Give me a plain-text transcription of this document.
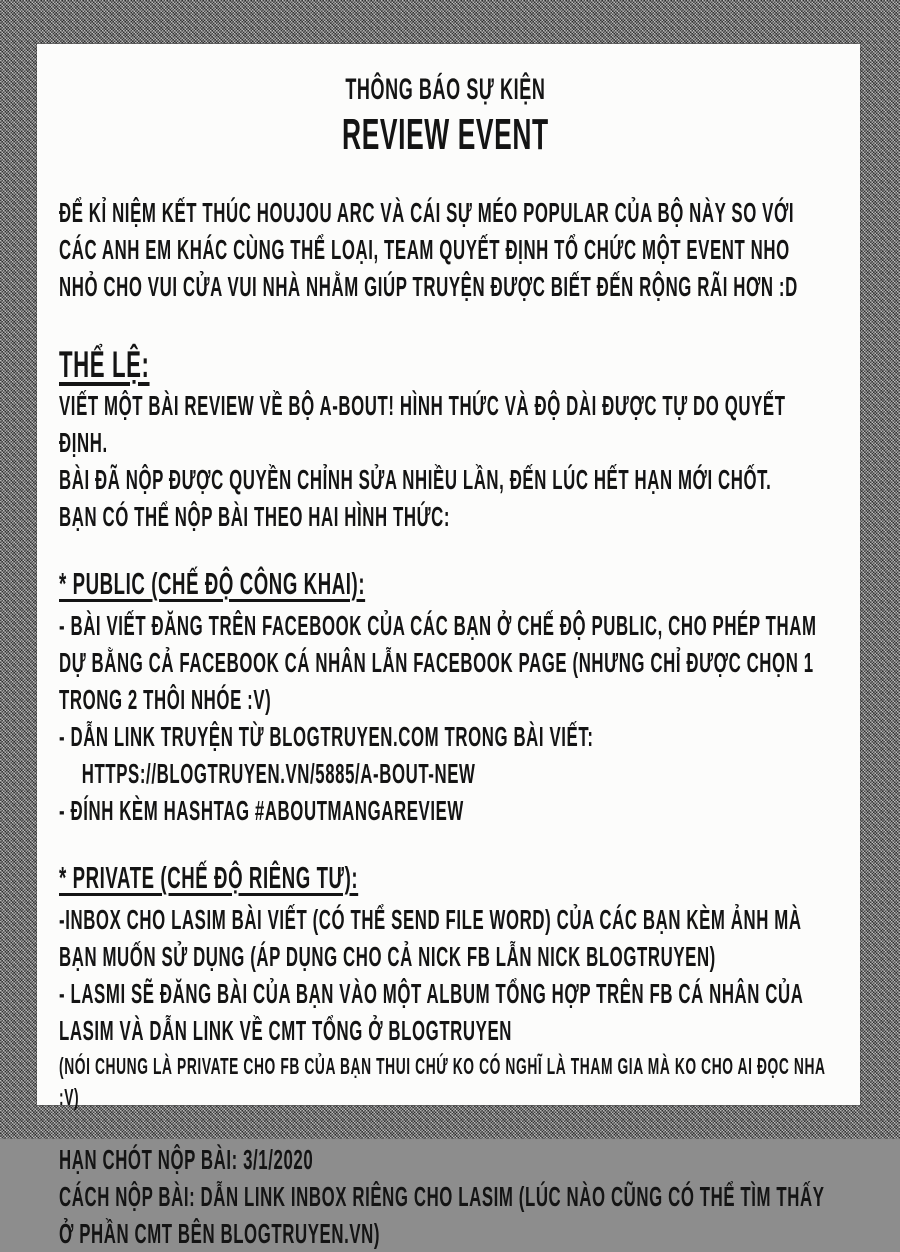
THÔNG BÁO SỰ KIỆN
REVIEW EVENT

ĐỂ KỈ NIỆM KẾT THÚC HOUJOU ARC VÀ CÁI SỰ MÉO POPULAR CỦA BỘ NÀY SO VỚI CÁC ANH EM KHÁC CÙNG THỂ LOẠI, TEAM QUYẾT ĐỊNH TỔ CHỨC MỘT EVENT NHO NHỎ CHO VUI CỬA VUI NHÀ NHẰM GIÚP TRUYỆN ĐƯỢC BIẾT ĐẾN RỘNG RÃI HƠN :D

THỂ LỆ:
VIẾT MỘT BÀI REVIEW VỀ BỘ A-BOUT! HÌNH THỨC VÀ ĐỘ DÀI ĐƯỢC TỰ DO QUYẾT ĐỊNH.
BÀI ĐÃ NỘP ĐƯỢC QUYỀN CHỈNH SỬA NHIỀU LẦN, ĐẾN LÚC HẾT HẠN MỚI CHỐT.
BẠN CÓ THỂ NỘP BÀI THEO HAI HÌNH THỨC:
* PUBLIC (CHẾ ĐỘ CÔNG KHAI):
- BÀI VIẾT ĐĂNG TRÊN FACEBOOK CỦA CÁC BẠN Ở CHẾ ĐỘ PUBLIC, CHO PHÉP THAM DỰ BẰNG CẢ FACEBOOK CÁ NHÂN LẪN FACEBOOK PAGE (NHƯNG CHỈ ĐƯỢC CHỌN 1 TRONG 2 THÔI NHÓE :V)
- DẪN LINK TRUYỆN TỪ BLOGTRUYEN.COM TRONG BÀI VIẾT:
HTTPS://BLOGTRUYEN.VN/5885/A-BOUT-NEW
- ĐÍNH KÈM HASHTAG #ABOUTMANGAREVIEW
* PRIVATE (CHẾ ĐỘ RIÊNG TƯ):
-INBOX CHO LASIM BÀI VIẾT (CÓ THỂ SEND FILE WORD) CỦA CÁC BẠN KÈM ẢNH MÀ BẠN MUỐN SỬ DỤNG (ÁP DỤNG CHO CẢ NICK FB LẪN NICK BLOGTRUYEN)
- LASMI SẼ ĐĂNG BÀI CỦA BẠN VÀO MỘT ALBUM TỔNG HỢP TRÊN FB CÁ NHÂN CỦA LASIM VÀ DẪN LINK VỀ CMT TỔNG Ở BLOGTRUYEN
(NÓI CHUNG LÀ PRIVATE CHO FB CỦA BẠN THUI CHỨ KO CÓ NGHĨ LÀ THAM GIA MÀ KO CHO AI ĐỌC NHA :V)
HẠN CHÓT NỘP BÀI: 3/1/2020
CÁCH NỘP BÀI: DẪN LINK INBOX RIÊNG CHO LASIM (LÚC NÀO CŨNG CÓ THỂ TÌM THẤY Ở PHẦN CMT BÊN BLOGTRUYEN.VN)
